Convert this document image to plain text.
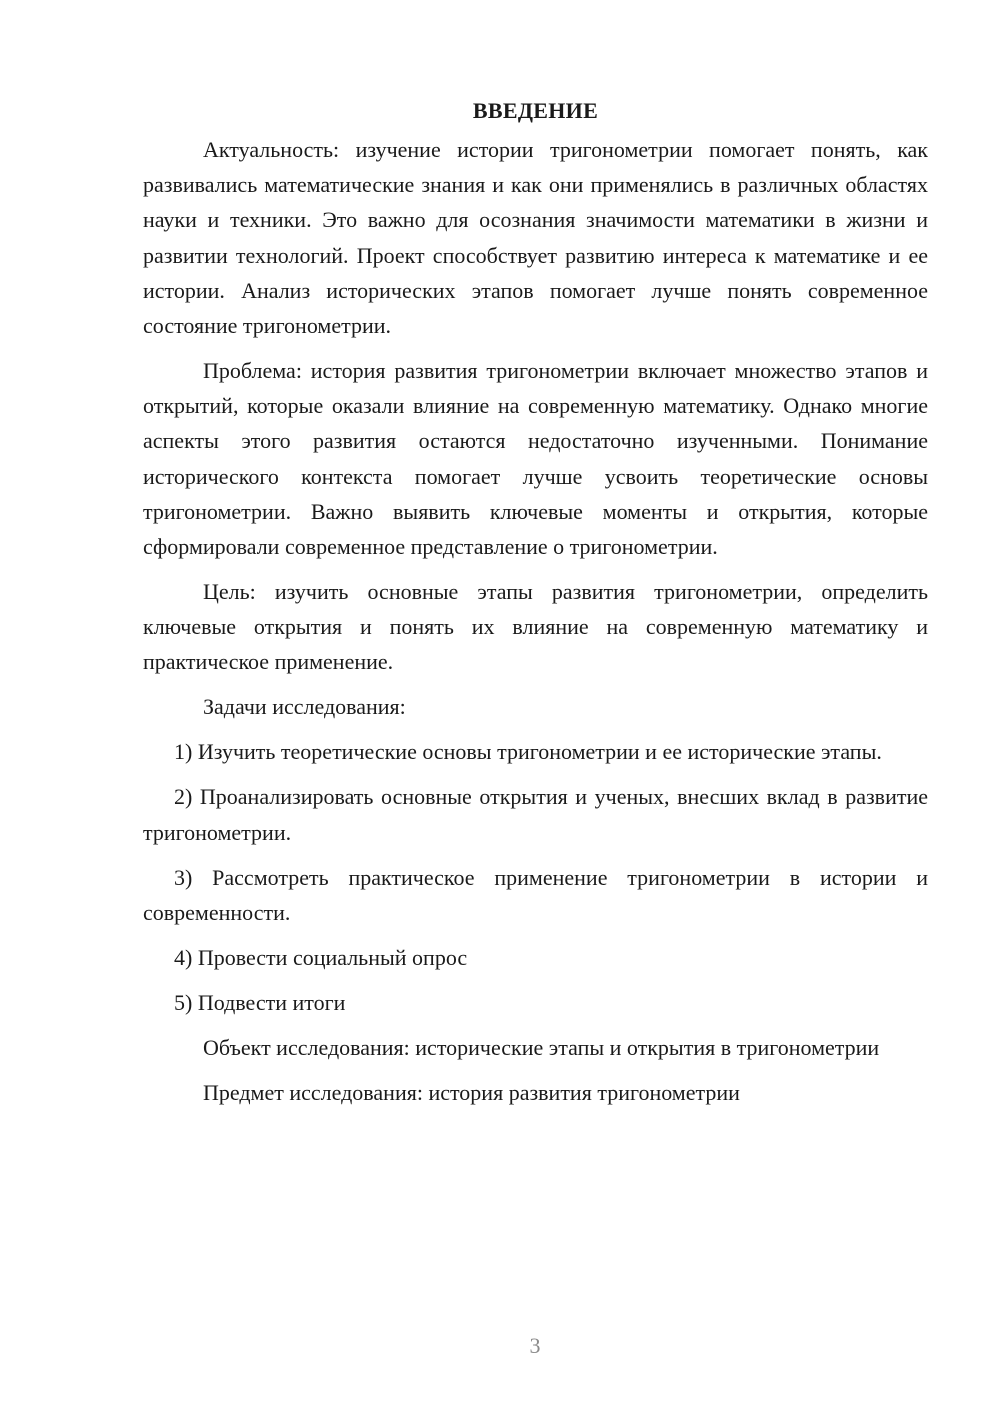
ВВЕДЕНИЕ

Актуальность: изучение истории тригонометрии помогает понять, как развивались математические знания и как они применялись в различных областях науки и техники. Это важно для осознания значимости математики в жизни и развитии технологий. Проект способствует развитию интереса к математике и ее истории. Анализ исторических этапов помогает лучше понять современное состояние тригонометрии.

Проблема: история развития тригонометрии включает множество этапов и открытий, которые оказали влияние на современную математику. Однако многие аспекты этого развития остаются недостаточно изученными. Понимание исторического контекста помогает лучше усвоить теоретические основы тригонометрии. Важно выявить ключевые моменты и открытия, которые сформировали современное представление о тригонометрии.

Цель: изучить основные этапы развития тригонометрии, определить ключевые открытия и понять их влияние на современную математику и практическое применение.

Задачи исследования:

1) Изучить теоретические основы тригонометрии и ее исторические этапы.

2) Проанализировать основные открытия и ученых, внесших вклад в развитие тригонометрии.

3) Рассмотреть практическое применение тригонометрии в истории и современности.

4) Провести социальный опрос

5) Подвести итоги

Объект исследования: исторические этапы и открытия в тригонометрии

Предмет исследования: история развития тригонометрии

3
